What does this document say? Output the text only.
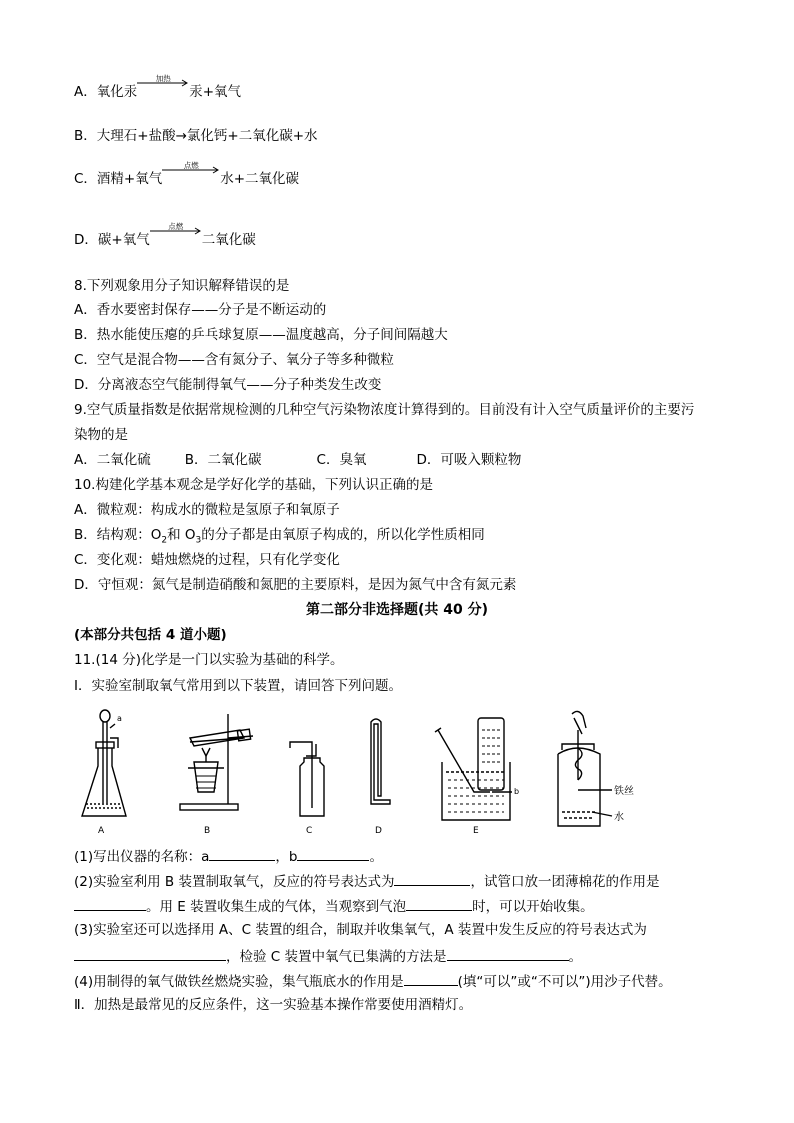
A．氧化汞
加热
汞+氧气
B．大理石+盐酸→氯化钙+二氧化碳+水
C．酒精+氧气
点燃
水+二氧化碳
D．碳+氧气
点燃
二氧化碳
8.下列观象用分子知识解释错误的是
A．香水要密封保存——分子是不断运动的
B．热水能使压瘪的乒乓球复原——温度越高，分子间间隔越大
C．空气是混合物——含有氮分子、氧分子等多种微粒
D．分离液态空气能制得氧气——分子种类发生改变
9.空气质量指数是依据常规检测的几种空气污染物浓度计算得到的。目前没有计入空气质量评价的主要污
染物的是
A．二氧化硫	B．二氧化碳	C．臭氧	D．可吸入颗粒物
10.构建化学基本观念是学好化学的基础，下列认识正确的是
A．微粒观：构成水的微粒是氢原子和氧原子
B．结构观：$O_2$和 $O_3$的分子都是由氧原子构成的，所以化学性质相同
C．变化观：蜡烛燃烧的过程，只有化学变化
D．守恒观：氮气是制造硝酸和氮肥的主要原料，是因为氮气中含有氮元素
第二部分非选择题(共 40 分)
(本部分共包括 4 道小题)
11.(14 分)化学是一门以实验为基础的科学。
Ⅰ．实验室制取氧气常用到以下装置，请回答下列问题。
a
A	B	C	D
b
E
铁丝
水
(1)写出仪器的名称：a	，b	。
(2)实验室利用 B 装置制取氧气，反应的符号表达式为	，试管口放一团薄棉花的作用是
。用 E 装置收集生成的气体，当观察到气泡	时，可以开始收集。
(3)实验室还可以选择用 A、C 装置的组合，制取并收集氧气，A 装置中发生反应的符号表达式为
，检验 C 装置中氧气已集满的方法是	。
(4)用制得的氧气做铁丝燃烧实验，集气瓶底水的作用是	(填“可以”或“不可以”)用沙子代替。
Ⅱ．加热是最常见的反应条件，这一实验基本操作常要使用酒精灯。
